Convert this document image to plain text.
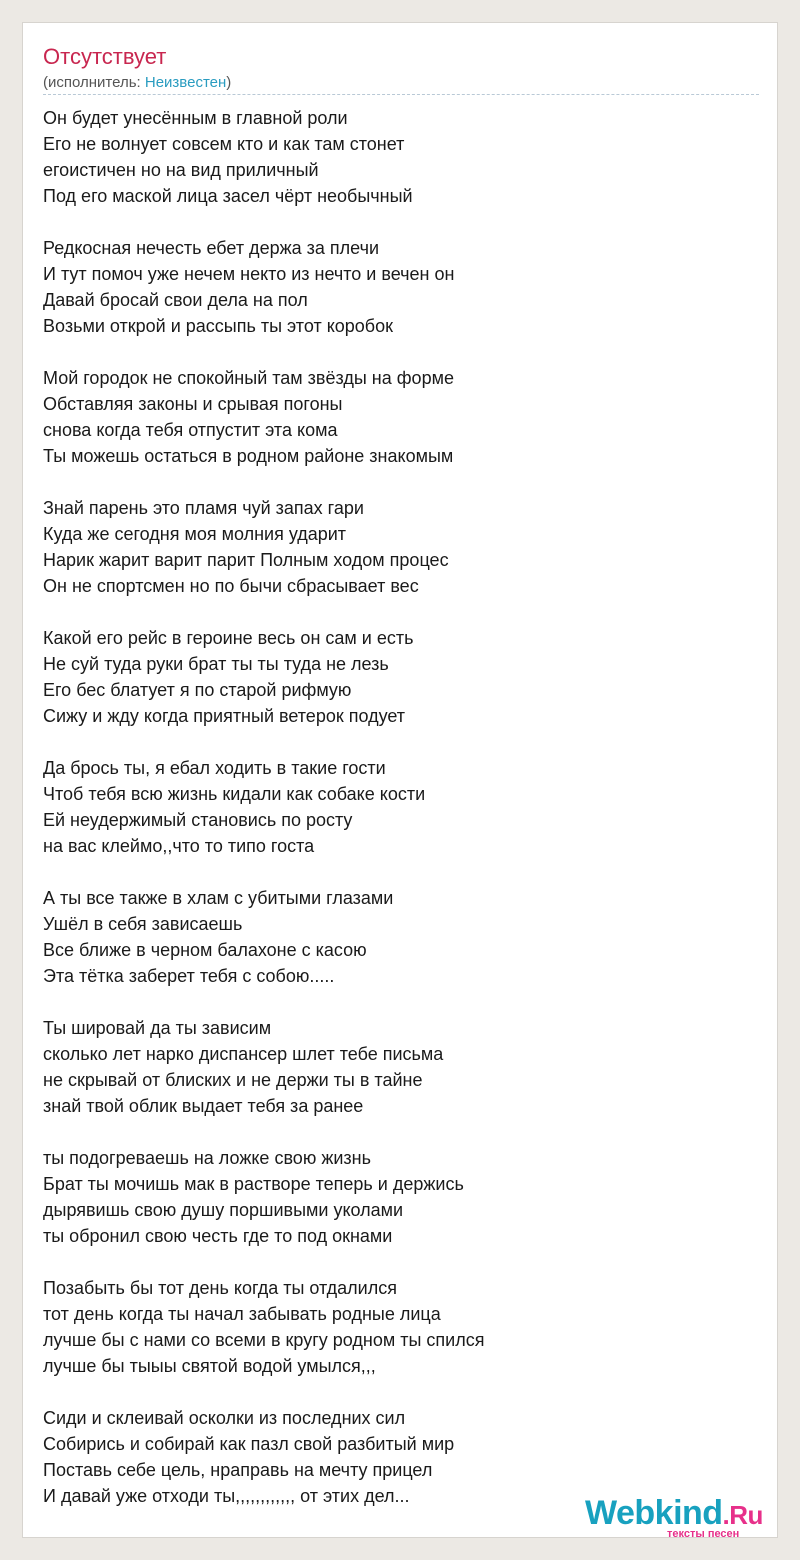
Отсутствует
(исполнитель: Неизвестен)
Он будет унесённым в главной роли
Его не волнует совсем кто и как там стонет
егоистичен но на вид приличный
Под его маской лица засел чёрт необычный
Редкосная нечесть ебет держа за плечи
И тут помоч уже нечем некто из нечто и вечен он
Давай бросай свои дела на пол
Возьми открой и рассыпь ты этот коробок
Мой городок не спокойный там звёзды на форме
Обставляя законы и срывая погоны
снова когда тебя отпустит эта кома
Ты можешь остаться в родном районе знакомым
Знай парень это пламя чуй запах гари
Куда же сегодня моя молния ударит
Нарик жарит варит парит Полным ходом процес
Он не спортсмен но по бычи сбрасывает вес
Какой его рейс в героине весь он сам и есть
Не суй туда руки брат ты ты туда не лезь
Его бес блатует я по старой рифмую
Сижу и жду когда приятный ветерок подует
Да брось ты, я ебал ходить в такие гости
Чтоб тебя всю жизнь кидали как собаке кости
Ей неудержимый становись по росту
на вас клеймо,,что то типо госта
А ты все также в хлам с убитыми глазами
Ушёл в себя зависаешь
Все ближе в черном балахоне с касою
Эта тётка заберет тебя с собою.....
Ты шировай да ты зависим
сколько лет нарко диспансер шлет тебе письма
не скрывай от блиских и не держи ты в тайне
знай твой облик выдает тебя за ранее
ты подогреваешь на ложке свою жизнь
Брат ты мочишь мак в растворе теперь и держись
дырявишь свою душу поршивыми уколами
ты обронил свою честь где то под окнами
Позабыть бы тот день когда ты отдалился
тот день когда ты начал забывать родные лица
лучше бы с нами со всеми в кругу родном ты спился
лучше бы тыыы святой водой умылся,,,
Сиди и склеивай осколки из последних сил
Собирись и собирай как пазл свой разбитый мир
Поставь себе цель, нраправь на мечту прицел
И давай уже отходи ты,,,,,,,,,,,, от этих дел...	Webkind.Ru
тексты песен
